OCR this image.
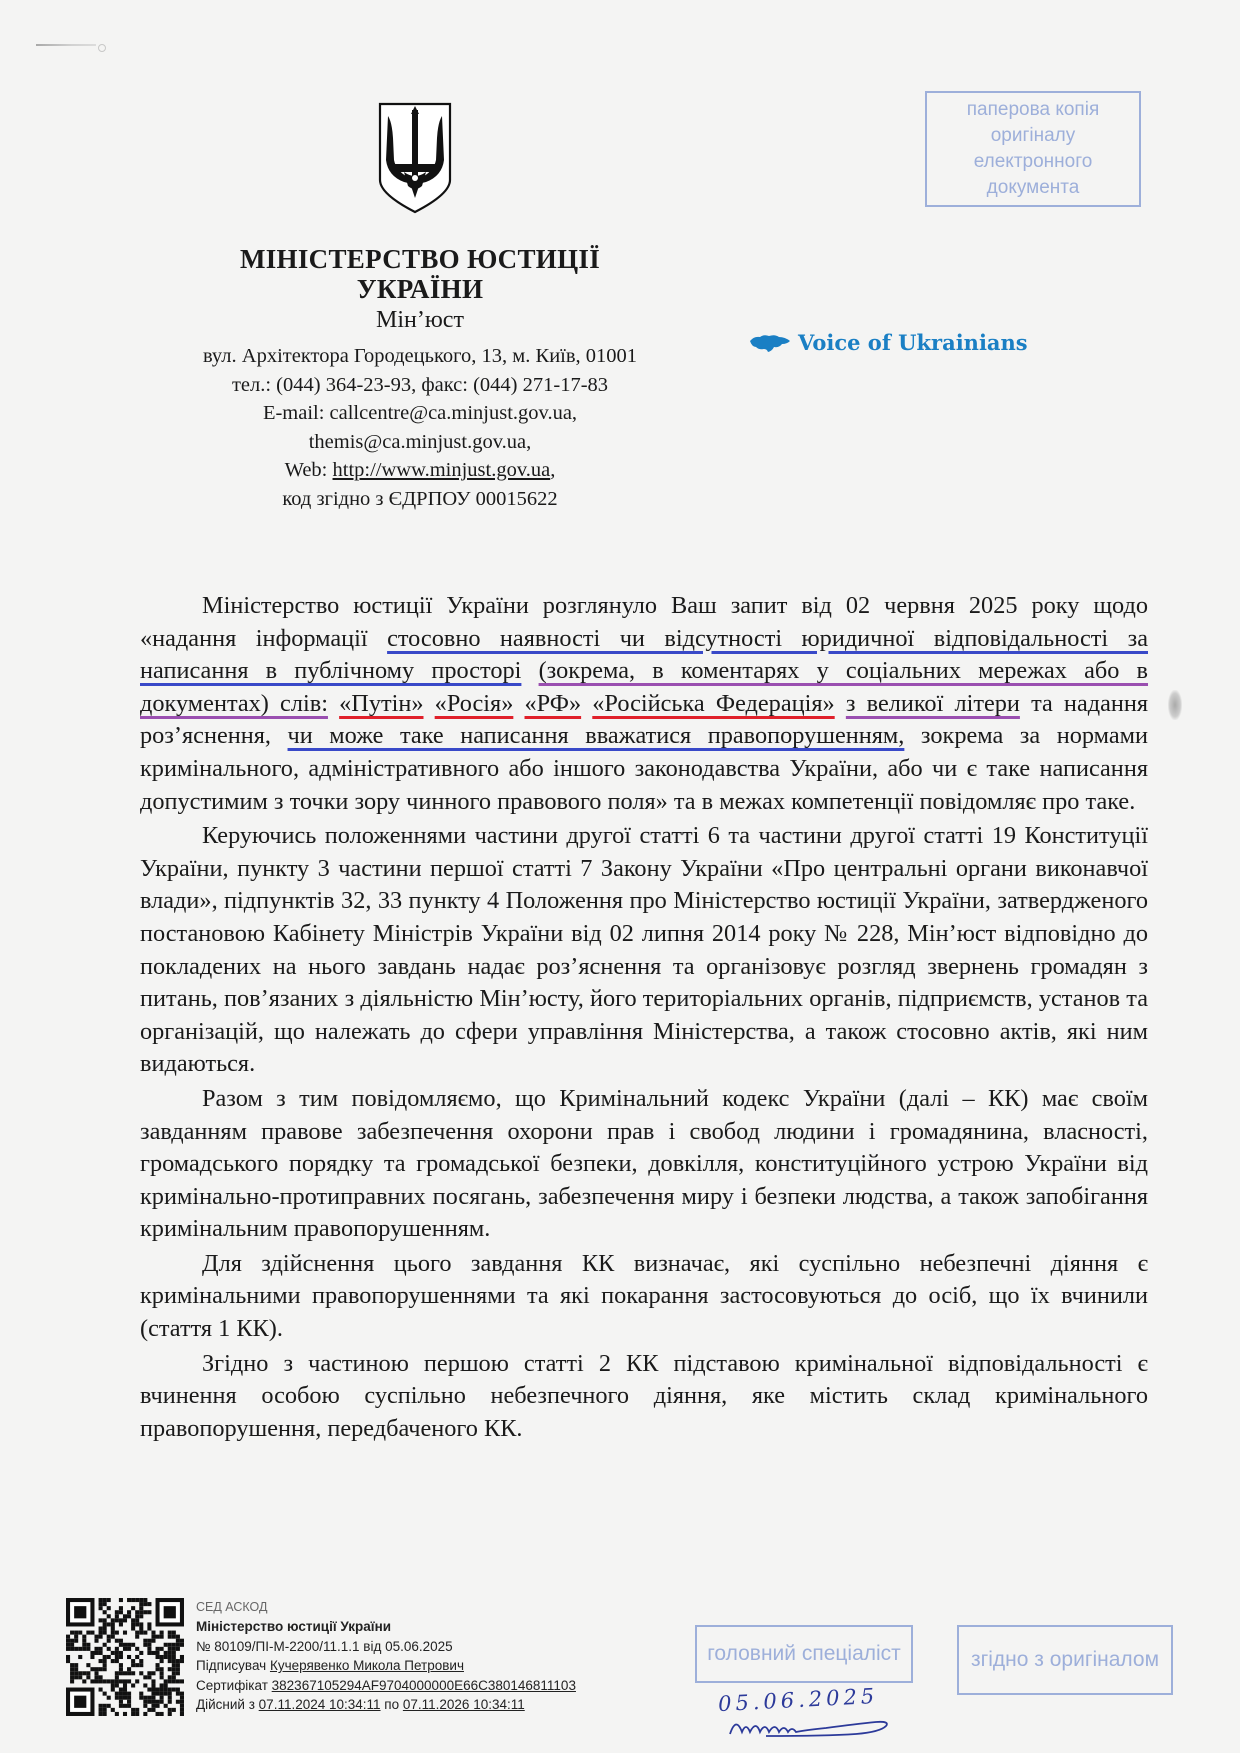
МІНІСТЕРСТВО ЮСТИЦІЇ
УКРАЇНИ
Мін’юст
вул. Архітектора Городецького, 13, м. Київ, 01001
тел.: (044) 364-23-93, факс: (044) 271-17-83
E-mail: callcentre@ca.minjust.gov.ua,
themis@ca.minjust.gov.ua,
Web: http://www.minjust.gov.ua,
код згідно з ЄДРПОУ 00015622
паперова копія оригіналу
електронного документа
Voice of Ukrainians

Міністерство юстиції України розглянуло Ваш запит від 02 червня 2025 року щодо «надання інформації стосовно наявності чи відсутності юридичної відповідальності за написання в публічному просторі (зокрема, в коментарях у соціальних мережах або в документах) слів: «Путін» «Росія» «РФ» «Російська Федерація» з великої літери та надання роз’яснення, чи може таке написання вважатися правопорушенням, зокрема за нормами кримінального, адміністративного або іншого законодавства України, або чи є таке написання допустимим з точки зору чинного правового поля» та в межах компетенції повідомляє про таке.

Керуючись положеннями частини другої статті 6 та частини другої статті 19 Конституції України, пункту 3 частини першої статті 7 Закону України «Про центральні органи виконавчої влади», підпунктів 32, 33 пункту 4 Положення про Міністерство юстиції України, затвердженого постановою Кабінету Міністрів України від 02 липня 2014 року № 228, Мін’юст відповідно до покладених на нього завдань надає роз’яснення та організовує розгляд звернень громадян з питань, пов’язаних з діяльністю Мін’юсту, його територіальних органів, підприємств, установ та організацій, що належать до сфери управління Міністерства, а також стосовно актів, які ним видаються.

Разом з тим повідомляємо, що Кримінальний кодекс України (далі – КК) має своїм завданням правове забезпечення охорони прав і свобод людини і громадянина, власності, громадського порядку та громадської безпеки, довкілля, конституційного устрою України від кримінально-протиправних посягань, забезпечення миру і безпеки людства, а також запобігання кримінальним правопорушенням.

Для здійснення цього завдання КК визначає, які суспільно небезпечні діяння є кримінальними правопорушеннями та які покарання застосовуються до осіб, що їх вчинили (стаття 1 КК).

Згідно з частиною першою статті 2 КК підставою кримінальної відповідальності є вчинення особою суспільно небезпечного діяння, яке містить склад кримінального правопорушення, передбаченого КК.

СЕД АСКОД
Міністерство юстиції України
№ 80109/ПІ-М-2200/11.1.1 від 05.06.2025
Підписувач Кучерявенко Микола Петрович
Сертифікат 382367105294AF9704000000E66C380146811103
Дійсний з 07.11.2024 10:34:11 по 07.11.2026 10:34:11
головний спеціаліст	згідно з оригіналом
05.06.2025
